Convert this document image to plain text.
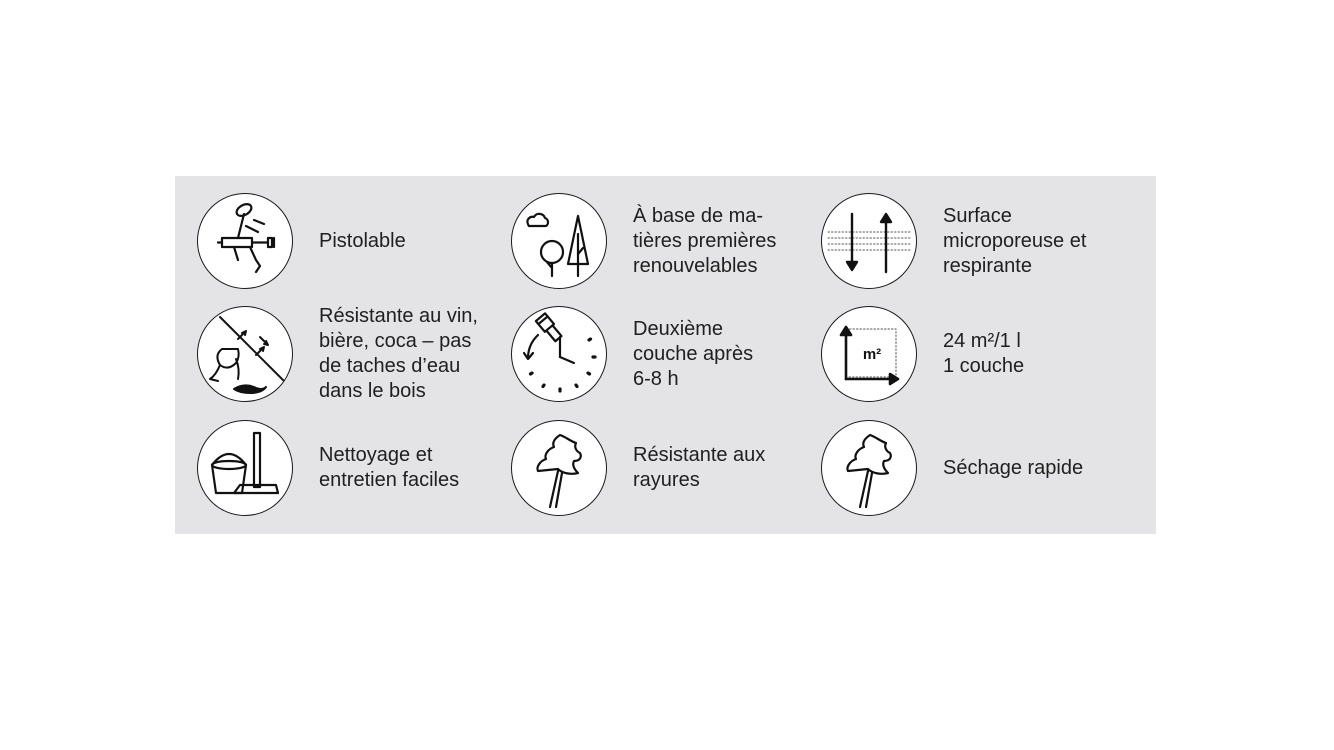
Pistolable
À base de ma-
tières premières
renouvelables
Surface
microporeuse et
respirante
Résistante au vin,
bière, coca – pas
de taches d’eau
dans le bois
Deuxième
couche après
6-8 h
m²
24 m²/1 l
1 couche
Nettoyage et
entretien faciles
Résistante aux
rayures
Séchage rapide
